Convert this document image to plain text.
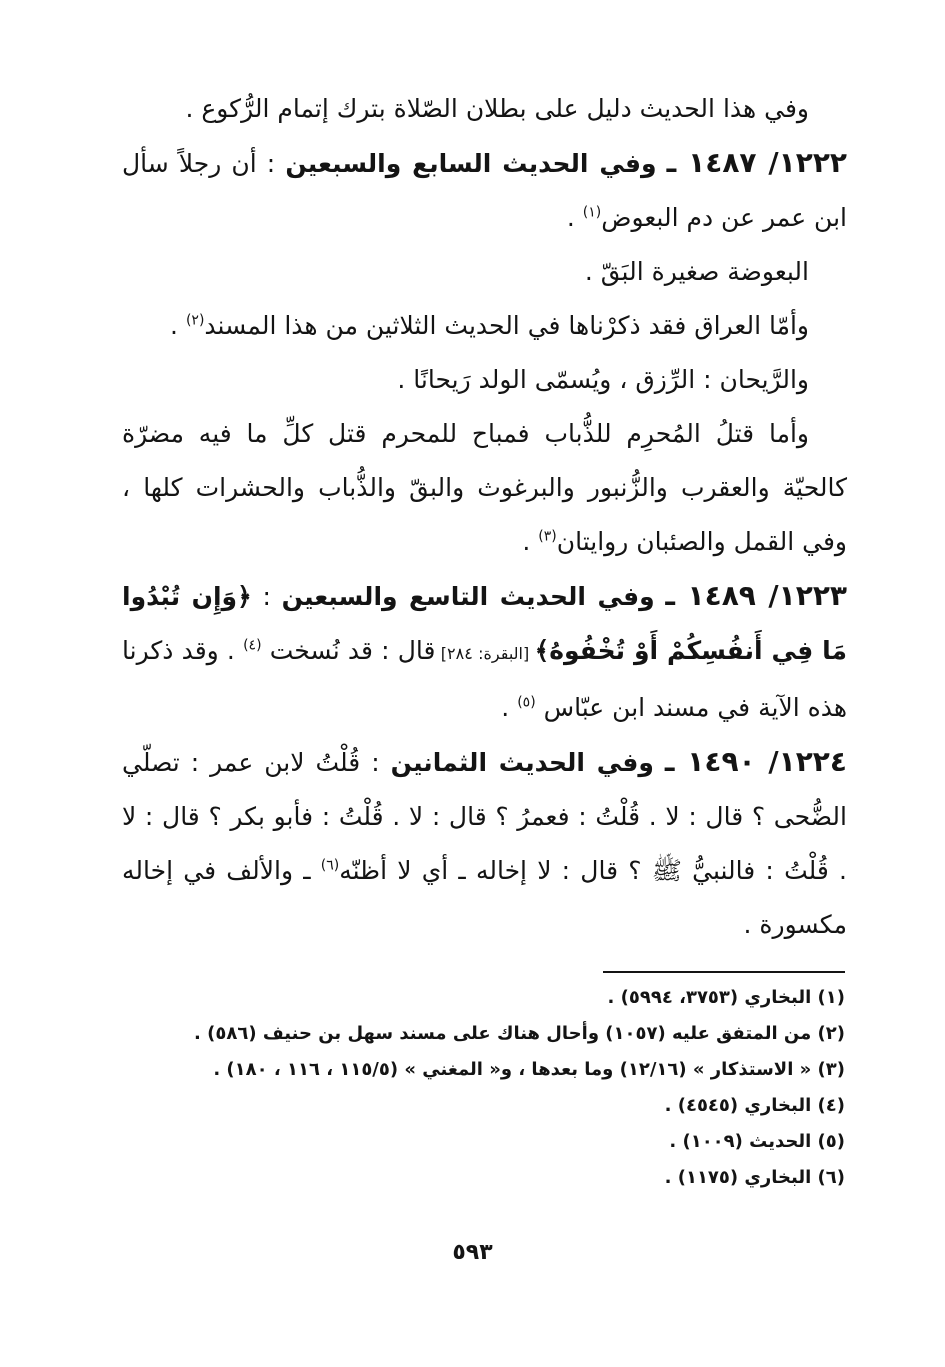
وفي هذا الحديث دليل على بطلان الصّلاة بترك إتمام الرُّكوع .

١٢٢٢/ ١٤٨٧ ـ وفي الحديث السابع والسبعين : أن رجلاً سأل ابن عمر عن دم البعوض$^{(١)}$ .

البعوضة صغيرة البَقّ .

وأمّا العراق فقد ذكرْناها في الحديث الثلاثين من هذا المسند$^{(٢)}$ .

والرَّيحان : الرِّزق ، ويُسمّى الولد رَيحانًا .

وأما قتلُ المُحرِم للذُّباب فمباح للمحرم قتل كلِّ ما فيه مضرّة كالحيّة والعقرب والزُّنبور والبرغوث والبقّ والذُّباب والحشرات كلها ، وفي القمل والصئبان روايتان$^{(٣)}$ .

١٢٢٣/ ١٤٨٩ ـ وفي الحديث التاسع والسبعين : ﴿وَإِن تُبْدُوا مَا فِي أَنفُسِكُمْ أَوْ تُخْفُوهُ﴾ [البقرة: ٢٨٤] قال : قد نُسخت $^{(٤)}$ . وقد ذكرنا هذه الآية في مسند ابن عبّاس $^{(٥)}$ .

١٢٢٤/ ١٤٩٠ ـ وفي الحديث الثمانين : قُلْتُ لابن عمر : تصلّي الضُّحى ؟ قال : لا . قُلْتُ : فعمرُ ؟ قال : لا . قُلْتُ : فأبو بكر ؟ قال : لا . قُلْتُ : فالنبيُّ ﷺ ؟ قال : لا إخاله ـ أي لا أظنّه$^{(٦)}$ ـ والألف في إخاله مكسورة .

(١) البخاري (٣٧٥٣، ٥٩٩٤) .

(٢) من المتفق عليه (١٠٥٧) وأحال هناك على مسند سهل بن حنيف (٥٨٦) .

(٣) « الاستذكار » (١٢/١٦) وما بعدها ، و« المغني » (١١٥/٥ ، ١١٦ ، ١٨٠) .

(٤) البخاري (٤٥٤٥) .

(٥) الحديث (١٠٠٩) .

(٦) البخاري (١١٧٥) .

٥٩٣
